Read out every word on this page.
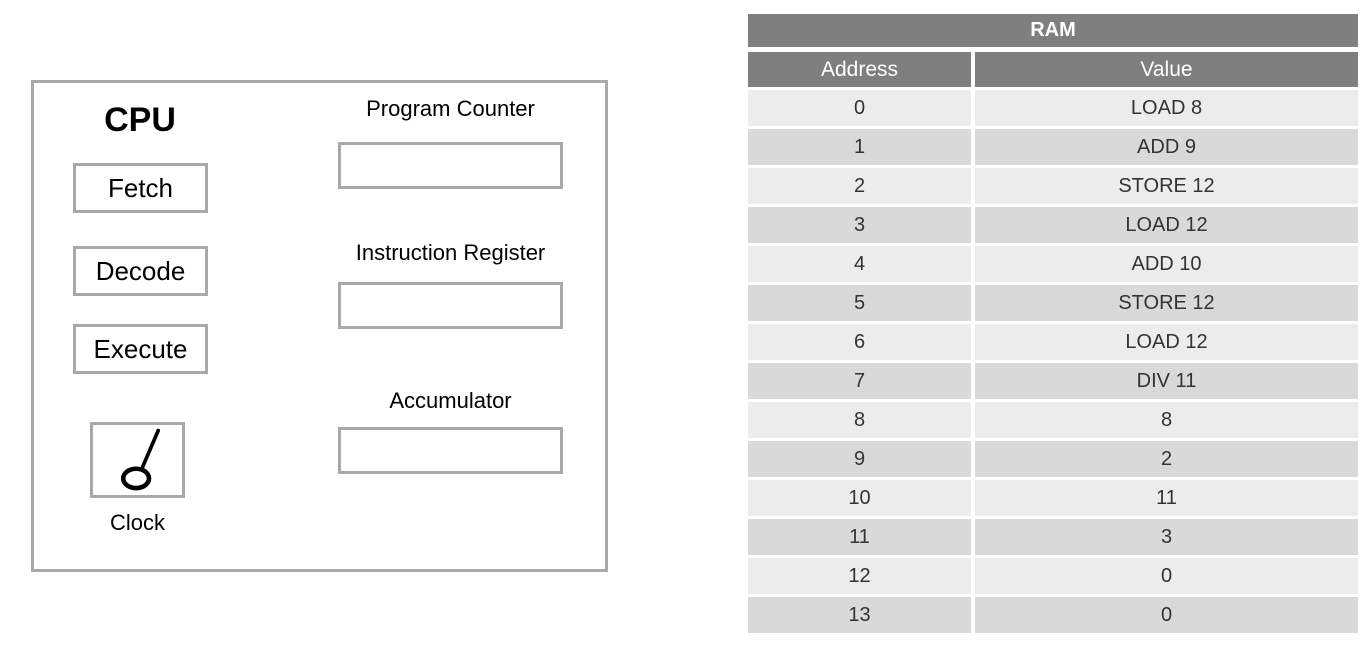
CPU
Fetch
Decode
Execute
Clock
Program Counter
Instruction Register
Accumulator
RAM
Address	Value
0	LOAD 8
1	ADD 9
2	STORE 12
3	LOAD 12
4	ADD 10
5	STORE 12
6	LOAD 12
7	DIV 11
8	8
9	2
10	11
11	3
12	0
13	0
